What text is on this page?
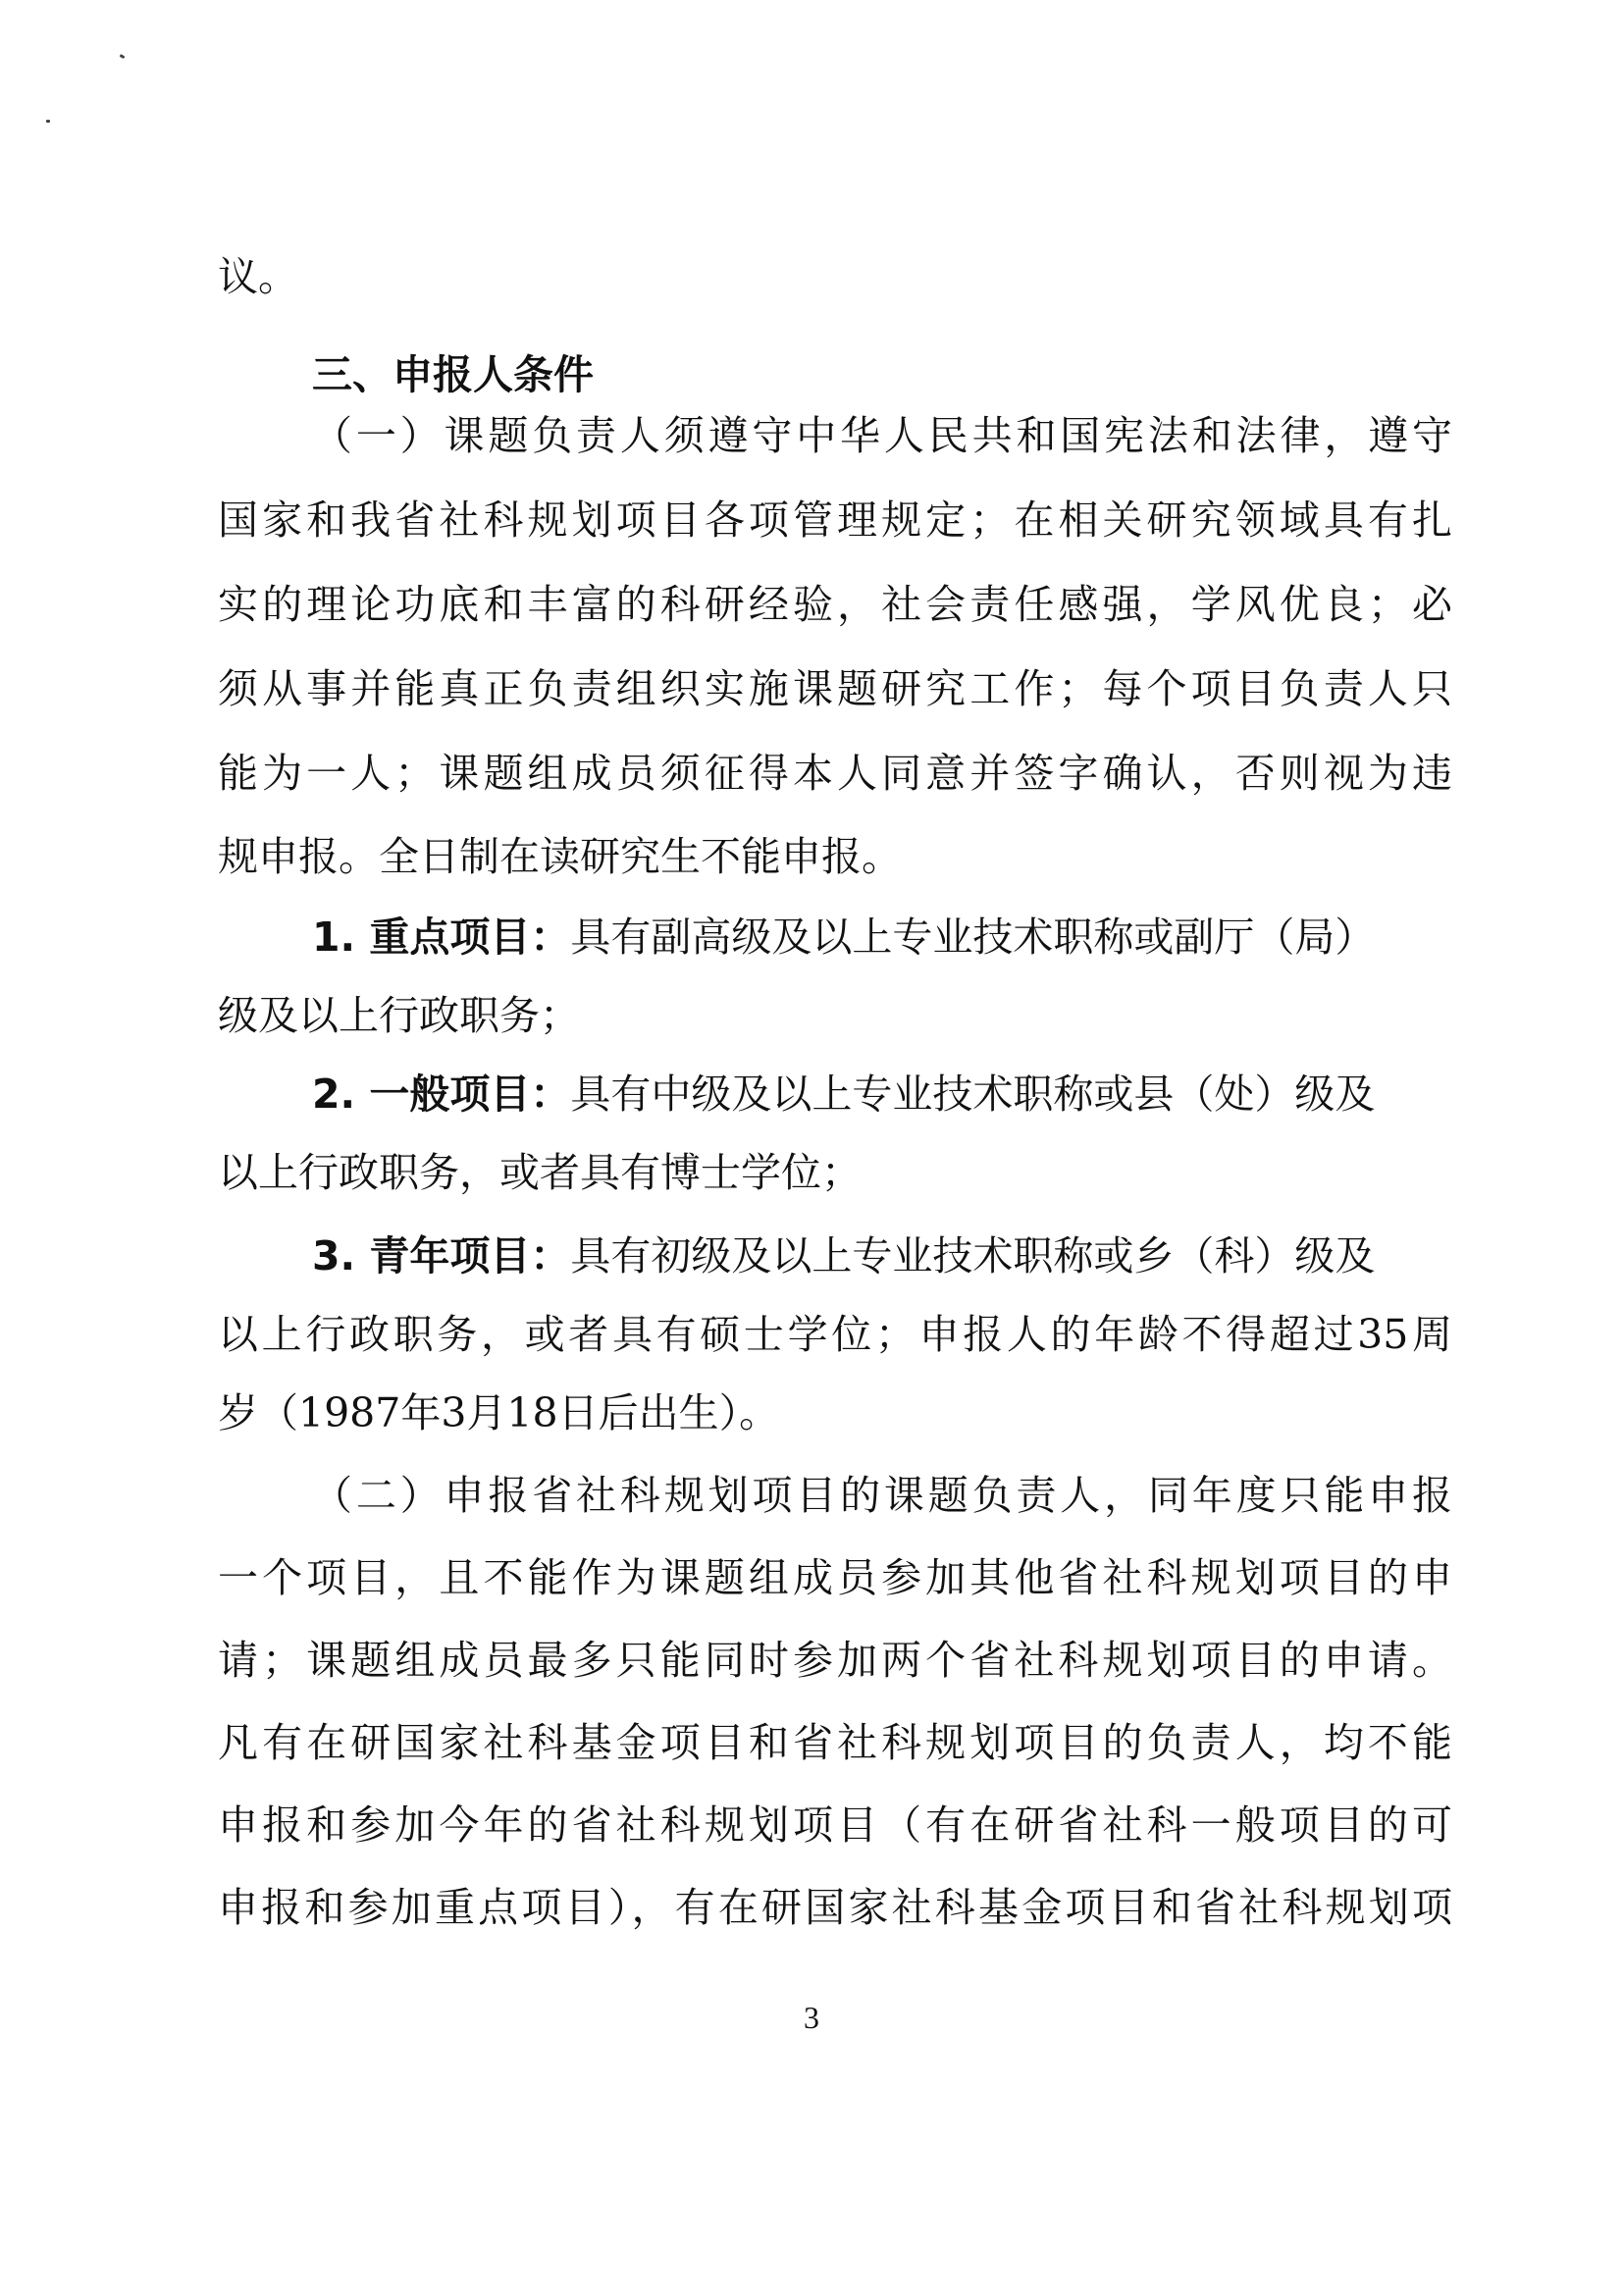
议。
三、申报人条件
（一）课题负责人须遵守中华人民共和国宪法和法律，遵守
国家和我省社科规划项目各项管理规定；在相关研究领域具有扎
实的理论功底和丰富的科研经验，社会责任感强，学风优良；必
须从事并能真正负责组织实施课题研究工作；每个项目负责人只
能为一人；课题组成员须征得本人同意并签字确认，否则视为违
规申报。全日制在读研究生不能申报。
1. 重点项目：具有副高级及以上专业技术职称或副厅（局）
级及以上行政职务；
2. 一般项目：具有中级及以上专业技术职称或县（处）级及
以上行政职务，或者具有博士学位；
3. 青年项目：具有初级及以上专业技术职称或乡（科）级及
以上行政职务，或者具有硕士学位；申报人的年龄不得超过35周
岁（1987年3月18日后出生）。
（二）申报省社科规划项目的课题负责人，同年度只能申报
一个项目，且不能作为课题组成员参加其他省社科规划项目的申
请；课题组成员最多只能同时参加两个省社科规划项目的申请。
凡有在研国家社科基金项目和省社科规划项目的负责人，均不能
申报和参加今年的省社科规划项目（有在研省社科一般项目的可
申报和参加重点项目），有在研国家社科基金项目和省社科规划项
3
